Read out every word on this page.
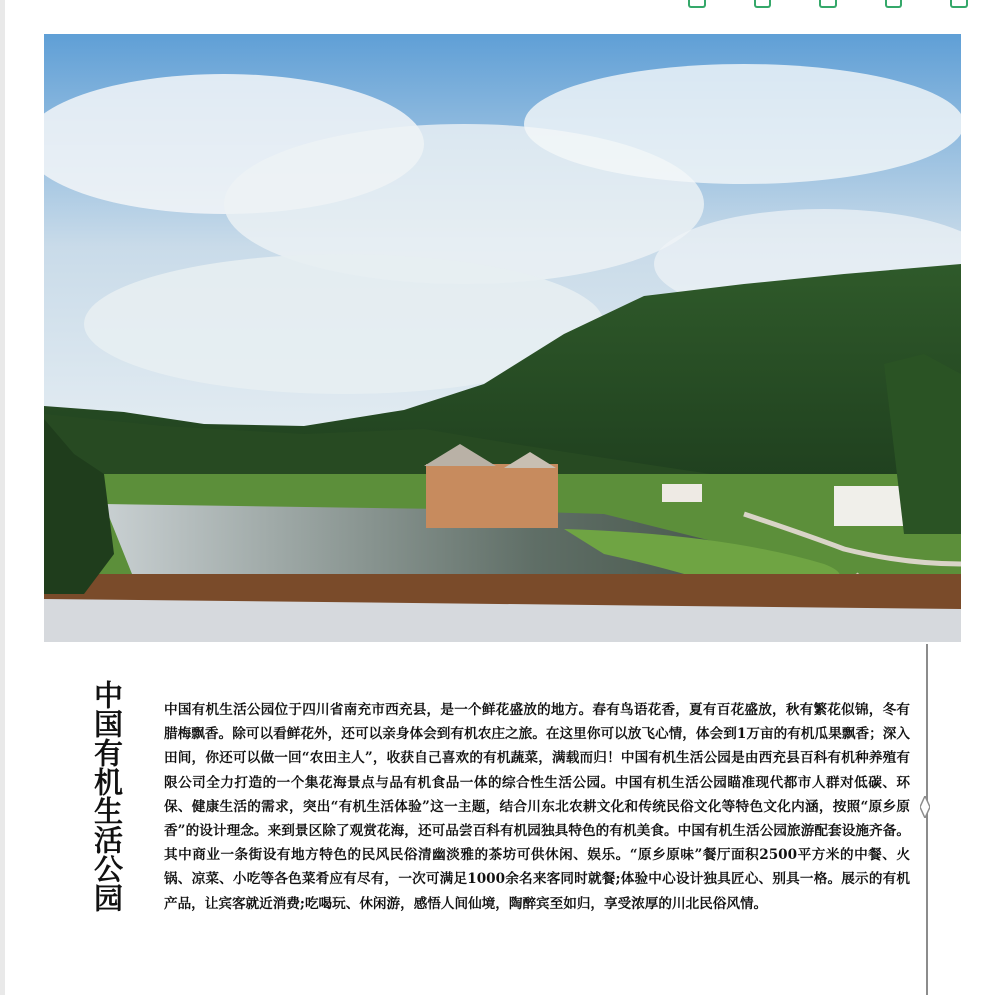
中国有机生活公园	中国有机生活公园位于四川省南充市西充县，是一个鲜花盛放的地方。春有鸟语花香，夏有百花盛放，秋有繁花似锦，冬有腊梅飘香。除可以看鲜花外，还可以亲身体会到有机农庄之旅。在这里你可以放飞心情，体会到1万亩的有机瓜果飘香；深入田间，你还可以做一回“农田主人”，收获自己喜欢的有机蔬菜，满载而归！中国有机生活公园是由西充县百科有机种养殖有限公司全力打造的一个集花海景点与品有机食品一体的综合性生活公园。中国有机生活公园瞄准现代都市人群对低碳、环保、健康生活的需求，突出“有机生活体验”这一主题，结合川东北农耕文化和传统民俗文化等特色文化内涵，按照“原乡原香”的设计理念。来到景区除了观赏花海，还可品尝百科有机园独具特色的有机美食。中国有机生活公园旅游配套设施齐备。其中商业一条街设有地方特色的民风民俗清幽淡雅的茶坊可供休闲、娱乐。“原乡原味”餐厅面积2500平方米的中餐、火锅、凉菜、小吃等各色菜肴应有尽有，一次可满足1000余名来客同时就餐;体验中心设计独具匠心、别具一格。展示的有机产品，让宾客就近消费;吃喝玩、休闲游，感悟人间仙境，陶醉宾至如归，享受浓厚的川北民俗风情。
